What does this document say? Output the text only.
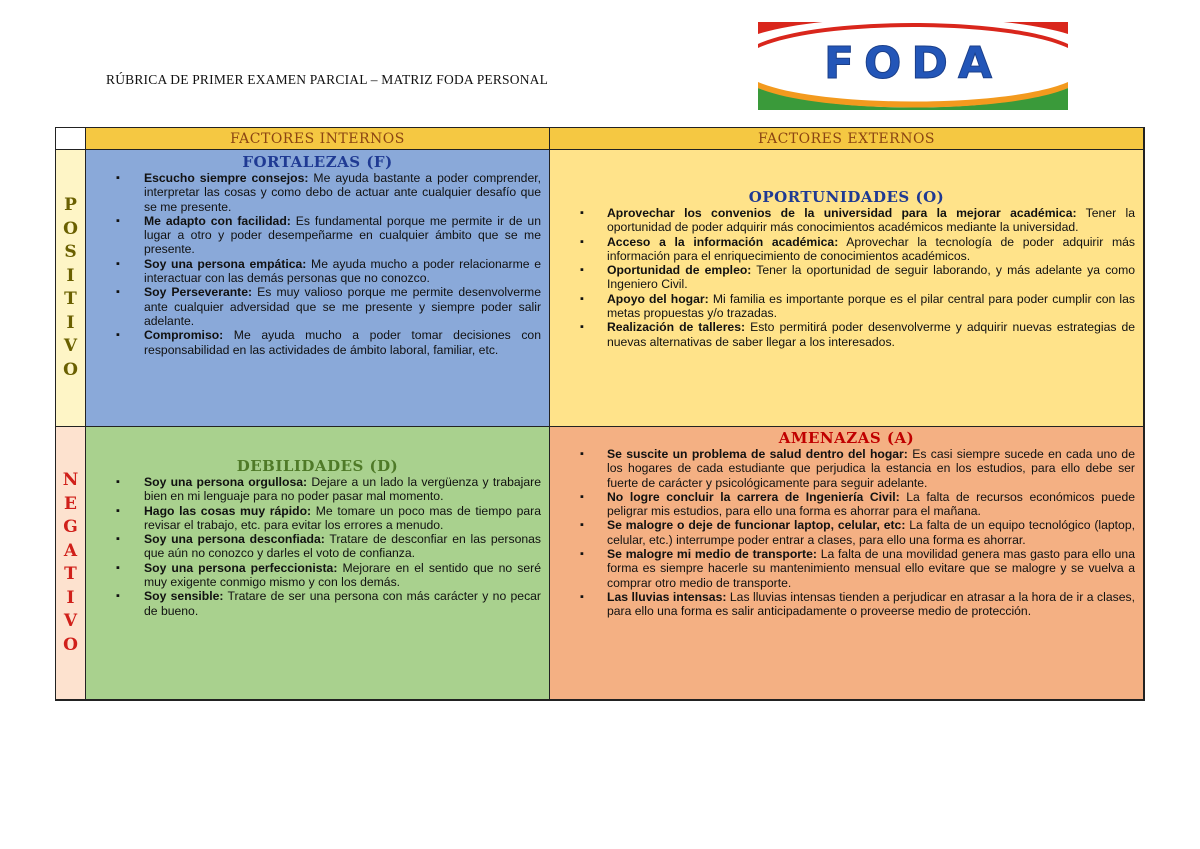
RÚBRICA DE PRIMER EXAMEN PARCIAL – MATRIZ FODA PERSONAL	FODA
FACTORES INTERNOS	FACTORES EXTERNOS
P
O
S
I
T
I
V
O
FORTALEZAS (F)
▪ Escucho siempre consejos: Me ayuda bastante a poder comprender, interpretar las cosas y como debo de actuar ante cualquier desafío que se me presente.
▪ Me adapto con facilidad: Es fundamental porque me permite ir de un lugar a otro y poder desempeñarme en cualquier ámbito que se me presente.
▪ Soy una persona empática: Me ayuda mucho a poder relacionarme e interactuar con las demás personas que no conozco.
▪ Soy Perseverante: Es muy valioso porque me permite desenvolverme ante cualquier adversidad que se me presente y siempre poder salir adelante.
▪ Compromiso: Me ayuda mucho a poder tomar decisiones con responsabilidad en las actividades de ámbito laboral, familiar, etc.
OPORTUNIDADES (O)
▪ Aprovechar los convenios de la universidad para la mejorar académica: Tener la oportunidad de poder adquirir más conocimientos académicos mediante la universidad.
▪ Acceso a la información académica: Aprovechar la tecnología de poder adquirir más información para el enriquecimiento de conocimientos académicos.
▪ Oportunidad de empleo: Tener la oportunidad de seguir laborando, y más adelante ya como Ingeniero Civil.
▪ Apoyo del hogar: Mi familia es importante porque es el pilar central para poder cumplir con las metas propuestas y/o trazadas.
▪ Realización de talleres: Esto permitirá poder desenvolverme y adquirir nuevas estrategias de nuevas alternativas de saber llegar a los interesados.
N
E
G
A
T
I
V
O
DEBILIDADES (D)
▪ Soy una persona orgullosa: Dejare a un lado la vergüenza y trabajare bien en mi lenguaje para no poder pasar mal momento.
▪ Hago las cosas muy rápido: Me tomare un poco mas de tiempo para revisar el trabajo, etc. para evitar los errores a menudo.
▪ Soy una persona desconfiada: Tratare de desconfiar en las personas que aún no conozco y darles el voto de confianza.
▪ Soy una persona perfeccionista: Mejorare en el sentido que no seré muy exigente conmigo mismo y con los demás.
▪ Soy sensible: Tratare de ser una persona con más carácter y no pecar de bueno.
AMENAZAS (A)
▪ Se suscite un problema de salud dentro del hogar: Es casi siempre sucede en cada uno de los hogares de cada estudiante que perjudica la estancia en los estudios, para ello debe ser fuerte de carácter y psicológicamente para seguir adelante.
▪ No logre concluir la carrera de Ingeniería Civil: La falta de recursos económicos puede peligrar mis estudios, para ello una forma es ahorrar para el mañana.
▪ Se malogre o deje de funcionar laptop, celular, etc: La falta de un equipo tecnológico (laptop, celular, etc.) interrumpe poder entrar a clases, para ello una forma es ahorrar.
▪ Se malogre mi medio de transporte: La falta de una movilidad genera mas gasto para ello una forma es siempre hacerle su mantenimiento mensual ello evitare que se malogre y se vuelva a comprar otro medio de transporte.
▪ Las lluvias intensas: Las lluvias intensas tienden a perjudicar en atrasar a la hora de ir a clases, para ello una forma es salir anticipadamente o proveerse medio de protección.
